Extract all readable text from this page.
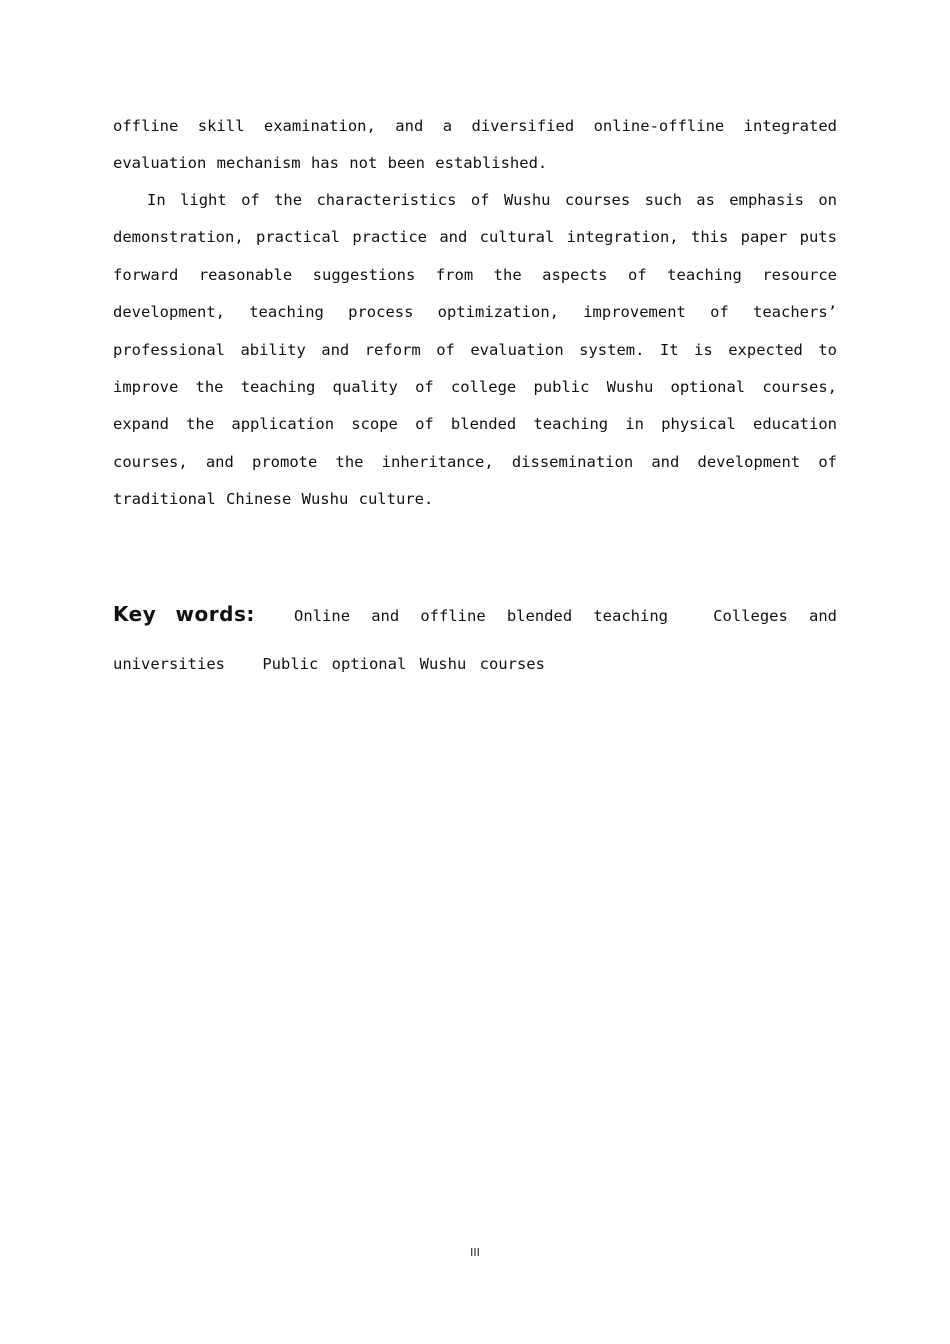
offline skill examination, and a diversified online-offline integrated evaluation mechanism has not been established.

In light of the characteristics of Wushu courses such as emphasis on demonstration, practical practice and cultural integration, this paper puts forward reasonable suggestions from the aspects of teaching resource development, teaching process optimization, improvement of teachers’ professional ability and reform of evaluation system. It is expected to improve the teaching quality of college public Wushu optional courses, expand the application scope of blended teaching in physical education courses, and promote the inheritance, dissemination and development of traditional Chinese Wushu culture.

Key words:	Online and offline blended teaching	Colleges and universities Public optional Wushu courses

III
